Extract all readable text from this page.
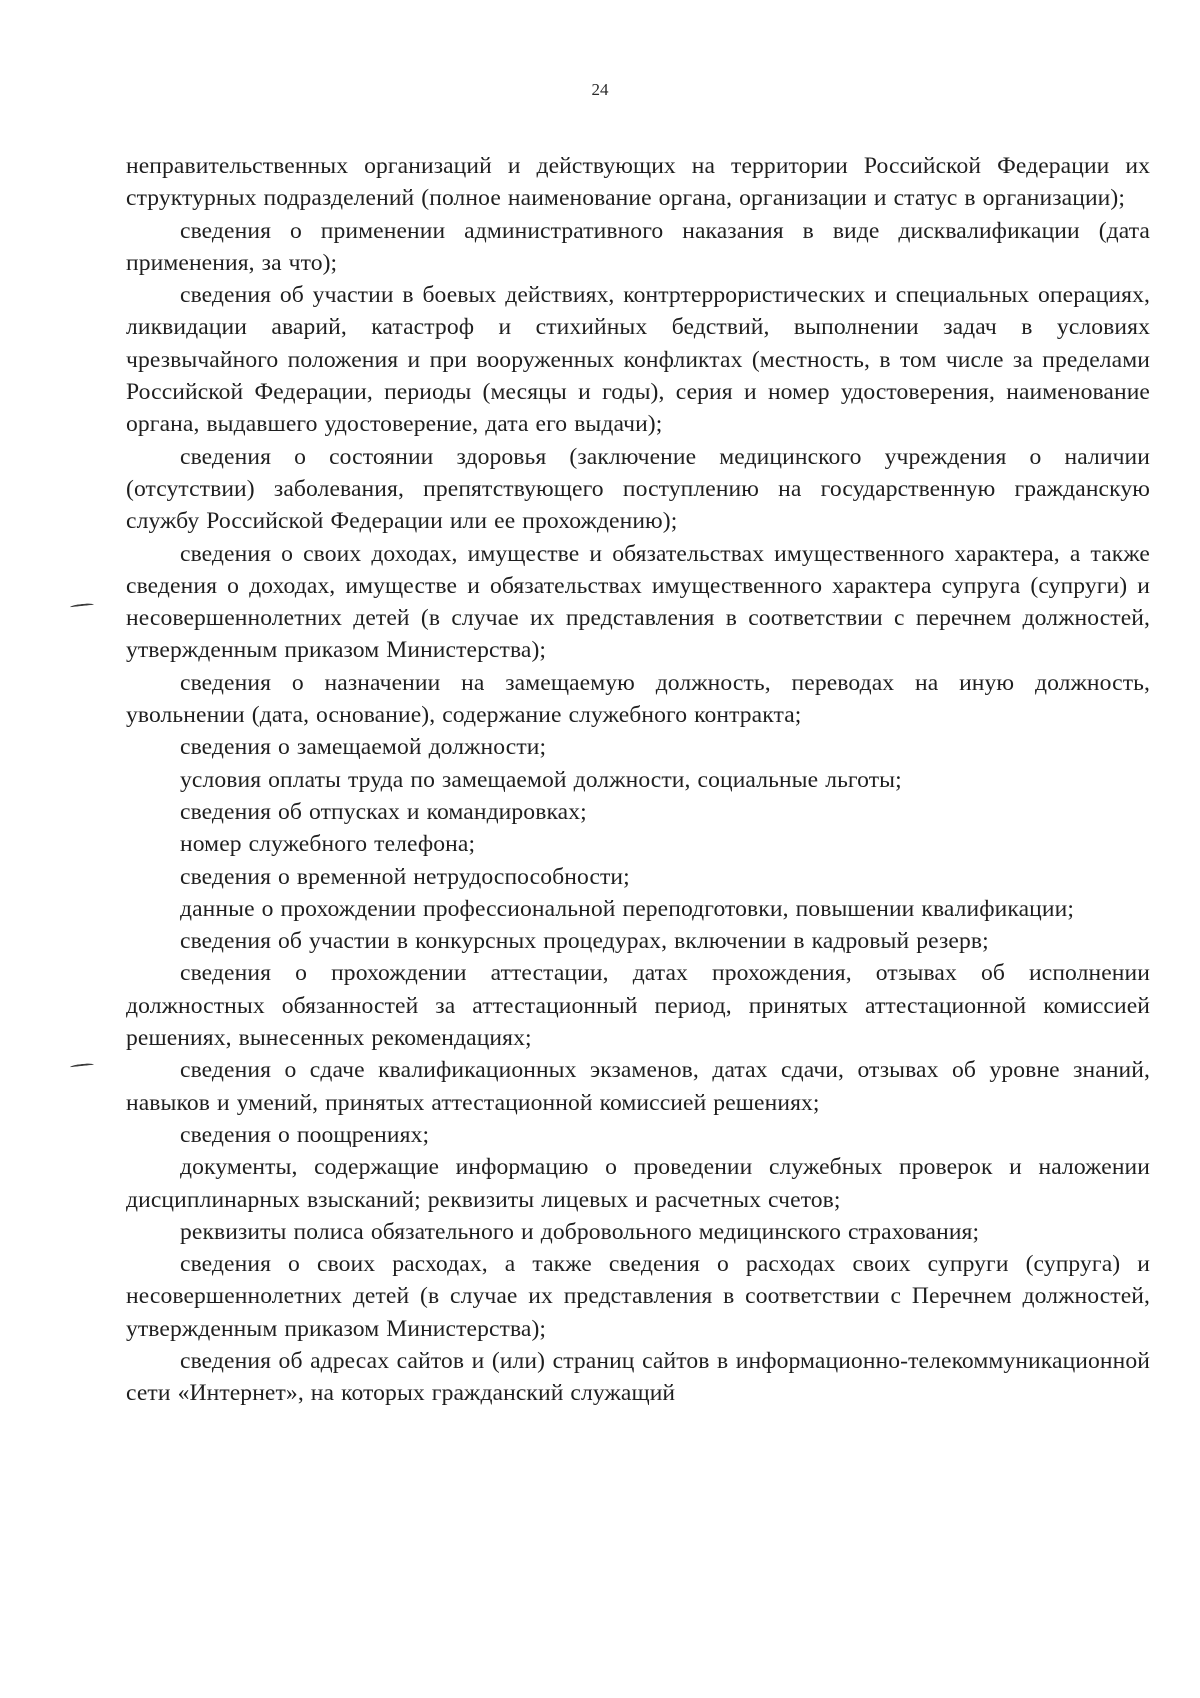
24

неправительственных организаций и действующих на территории Российской Федерации их структурных подразделений (полное наименование органа, организации и статус в организации);

сведения о применении административного наказания в виде дисквалификации (дата применения, за что);

сведения об участии в боевых действиях, контртеррористических и специальных операциях, ликвидации аварий, катастроф и стихийных бедствий, выполнении задач в условиях чрезвычайного положения и при вооруженных конфликтах (местность, в том числе за пределами Российской Федерации, периоды (месяцы и годы), серия и номер удостоверения, наименование органа, выдавшего удостоверение, дата его выдачи);

сведения о состоянии здоровья (заключение медицинского учреждения о наличии (отсутствии) заболевания, препятствующего поступлению на государственную гражданскую службу Российской Федерации или ее прохождению);

сведения о своих доходах, имуществе и обязательствах имущественного характера, а также сведения о доходах, имуществе и обязательствах имущественного характера супруга (супруги) и несовершеннолетних детей (в случае их представления в соответствии с перечнем должностей, утвержденным приказом Министерства);

сведения о назначении на замещаемую должность, переводах на иную должность, увольнении (дата, основание), содержание служебного контракта;

сведения о замещаемой должности;

условия оплаты труда по замещаемой должности, социальные льготы;

сведения об отпусках и командировках;

номер служебного телефона;

сведения о временной нетрудоспособности;

данные о прохождении профессиональной переподготовки, повышении квалификации;

сведения об участии в конкурсных процедурах, включении в кадровый резерв;

сведения о прохождении аттестации, датах прохождения, отзывах об исполнении должностных обязанностей за аттестационный период, принятых аттестационной комиссией решениях, вынесенных рекомендациях;

сведения о сдаче квалификационных экзаменов, датах сдачи, отзывах об уровне знаний, навыков и умений, принятых аттестационной комиссией решениях;

сведения о поощрениях;

документы, содержащие информацию о проведении служебных проверок и наложении дисциплинарных взысканий; реквизиты лицевых и расчетных счетов;

реквизиты полиса обязательного и добровольного медицинского страхования;

сведения о своих расходах, а также сведения о расходах своих супруги (супруга) и несовершеннолетних детей (в случае их представления в соответствии с Перечнем должностей, утвержденным приказом Министерства);

сведения об адресах сайтов и (или) страниц сайтов в информационно-телекоммуникационной сети «Интернет», на которых гражданский служащий
